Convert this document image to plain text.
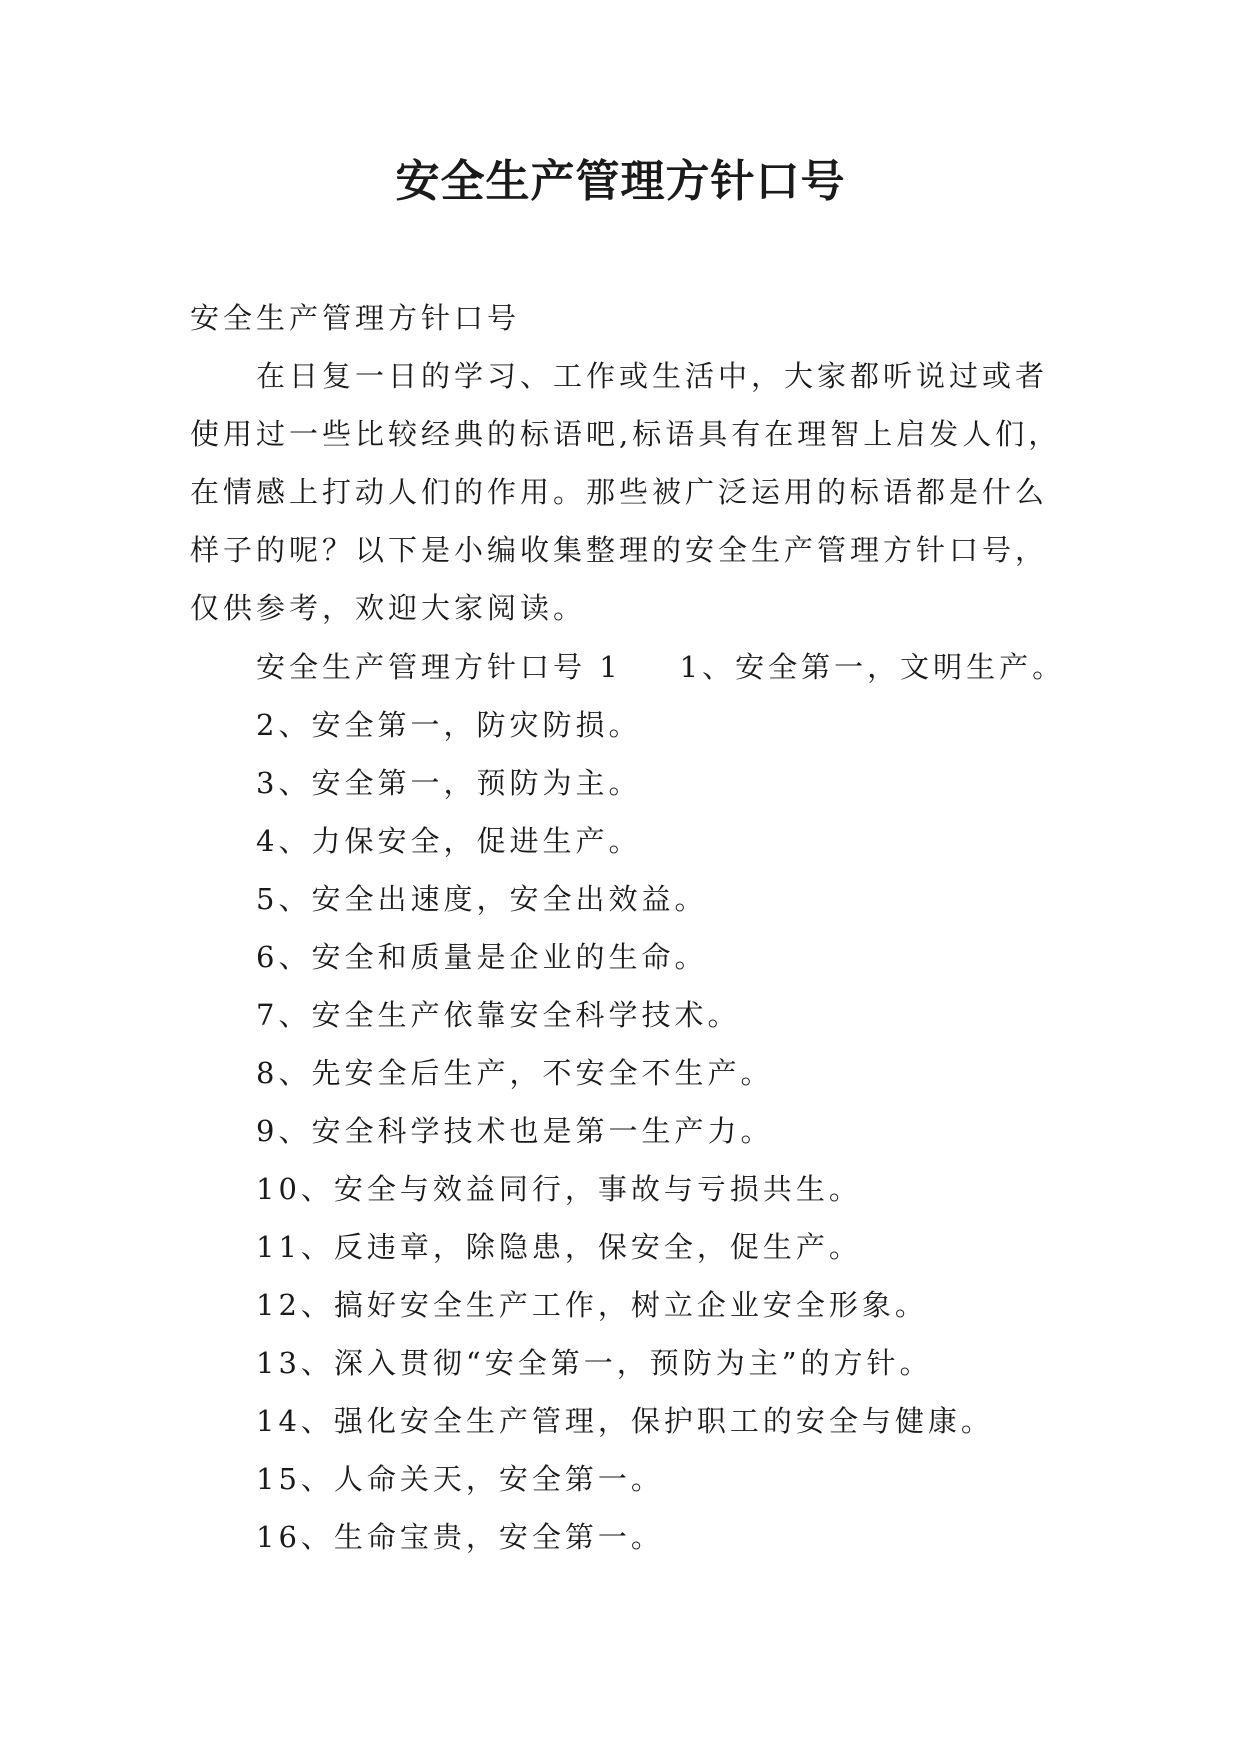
安全生产管理方针口号

安全生产管理方针口号

在日复一日的学习、工作或生活中，大家都听说过或者
使用过一些比较经典的标语吧,标语具有在理智上启发人们，
在情感上打动人们的作用。那些被广泛运用的标语都是什么
样子的呢？以下是小编收集整理的安全生产管理方针口号，
仅供参考，欢迎大家阅读。
安全生产管理方针口号 1 1、安全第一，文明生产。
2、安全第一，防灾防损。
3、安全第一，预防为主。
4、力保安全，促进生产。
5、安全出速度，安全出效益。
6、安全和质量是企业的生命。
7、安全生产依靠安全科学技术。
8、先安全后生产，不安全不生产。
9、安全科学技术也是第一生产力。
10、安全与效益同行，事故与亏损共生。
11、反违章，除隐患，保安全，促生产。
12、搞好安全生产工作，树立企业安全形象。
13、深入贯彻“安全第一，预防为主”的方针。
14、强化安全生产管理，保护职工的安全与健康。
15、人命关天，安全第一。
16、生命宝贵，安全第一。
